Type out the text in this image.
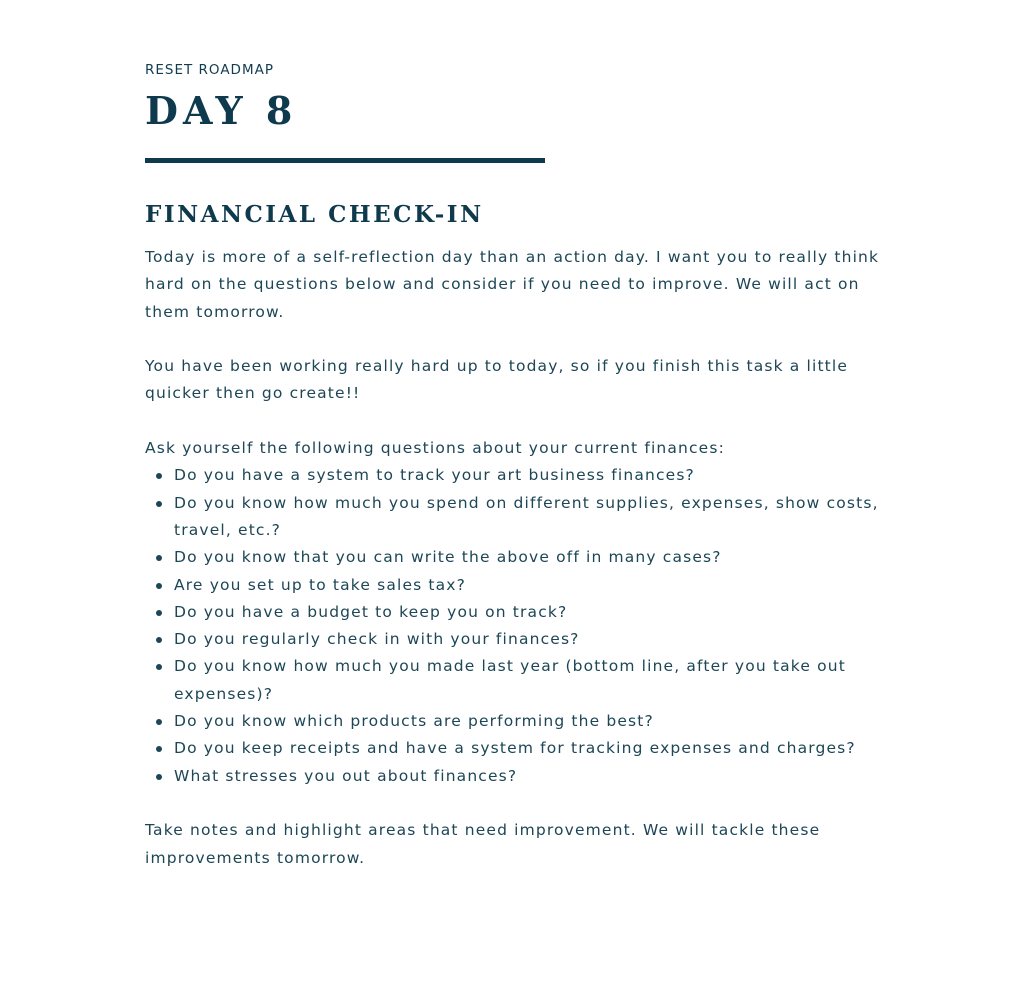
RESET ROADMAP
DAY 8
FINANCIAL CHECK-IN

Today is more of a self-reflection day than an action day. I want you to really think hard on the questions below and consider if you need to improve. We will act on them tomorrow.

You have been working really hard up to today, so if you finish this task a little quicker then go create!!

Ask yourself the following questions about your current finances:

Do you have a system to track your art business finances?
Do you know how much you spend on different supplies, expenses, show costs, travel, etc.?
Do you know that you can write the above off in many cases?
Are you set up to take sales tax?
Do you have a budget to keep you on track?
Do you regularly check in with your finances?
Do you know how much you made last year (bottom line, after you take out expenses)?
Do you know which products are performing the best?
Do you keep receipts and have a system for tracking expenses and charges?
What stresses you out about finances?

Take notes and highlight areas that need improvement. We will tackle these improvements tomorrow.
